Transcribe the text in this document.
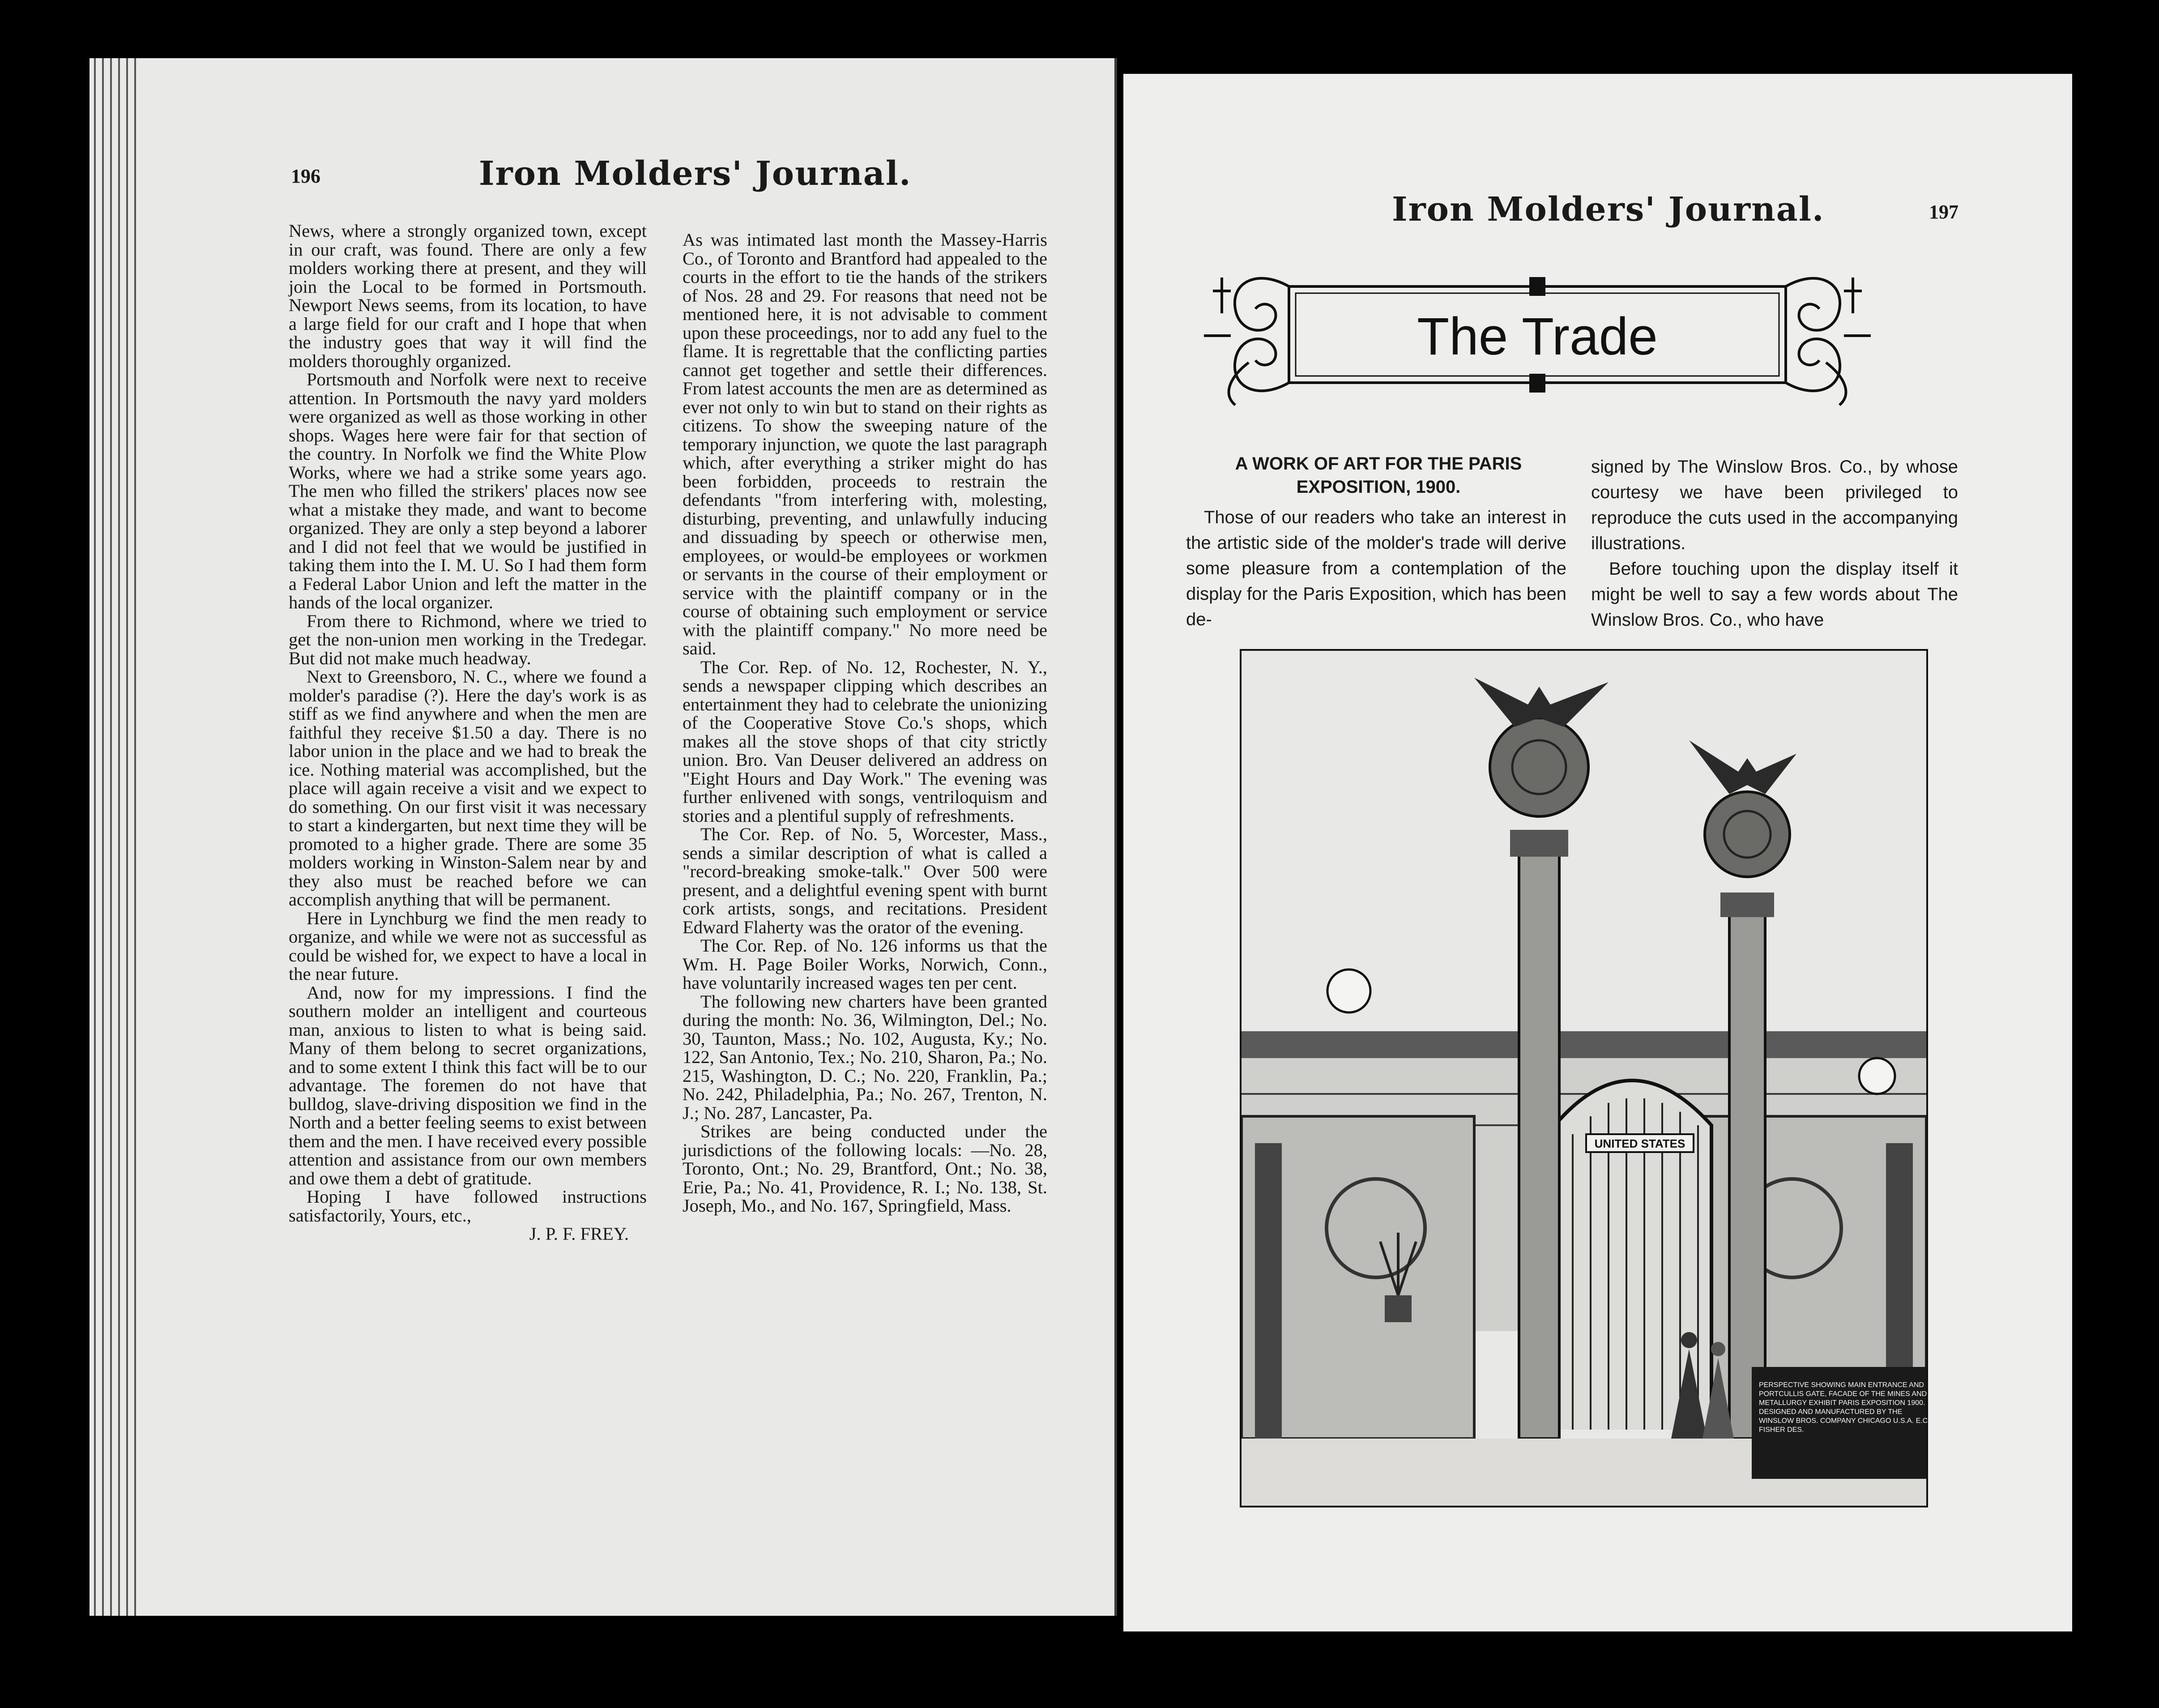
196	Iron Molders' Journal.

News, where a strongly organized town, except in our craft, was found. There are only a few molders working there at present, and they will join the Local to be formed in Portsmouth. Newport News seems, from its location, to have a large field for our craft and I hope that when the industry goes that way it will find the molders thoroughly organized.

Portsmouth and Norfolk were next to receive attention. In Portsmouth the navy yard molders were organized as well as those working in other shops. Wages here were fair for that section of the country. In Norfolk we find the White Plow Works, where we had a strike some years ago. The men who filled the strikers' places now see what a mistake they made, and want to become organized. They are only a step beyond a laborer and I did not feel that we would be justified in taking them into the I. M. U. So I had them form a Federal Labor Union and left the matter in the hands of the local organizer.

From there to Richmond, where we tried to get the non-union men working in the Tredegar. But did not make much headway.

Next to Greensboro, N. C., where we found a molder's paradise (?). Here the day's work is as stiff as we find anywhere and when the men are faithful they receive $1.50 a day. There is no labor union in the place and we had to break the ice. Nothing material was accomplished, but the place will again receive a visit and we expect to do something. On our first visit it was necessary to start a kindergarten, but next time they will be promoted to a higher grade. There are some 35 molders working in Winston-Salem near by and they also must be reached before we can accomplish anything that will be permanent.

Here in Lynchburg we find the men ready to organize, and while we were not as successful as could be wished for, we expect to have a local in the near future.

And, now for my impressions. I find the southern molder an intelligent and courteous man, anxious to listen to what is being said. Many of them belong to secret organizations, and to some extent I think this fact will be to our advantage. The foremen do not have that bulldog, slave-driving disposition we find in the North and a better feeling seems to exist between them and the men. I have received every possible attention and assistance from our own members and owe them a debt of gratitude.

Hoping I have followed instructions satisfactorily, Yours, etc.,

J. P. F. FREY.

As was intimated last month the Massey-Harris Co., of Toronto and Brantford had appealed to the courts in the effort to tie the hands of the strikers of Nos. 28 and 29. For reasons that need not be mentioned here, it is not advisable to comment upon these proceedings, nor to add any fuel to the flame. It is regrettable that the conflicting parties cannot get together and settle their differences. From latest accounts the men are as determined as ever not only to win but to stand on their rights as citizens. To show the sweeping nature of the temporary injunction, we quote the last paragraph which, after everything a striker might do has been forbidden, proceeds to restrain the defendants "from interfering with, molesting, disturbing, preventing, and unlawfully inducing and dissuading by speech or otherwise men, employees, or would-be employees or workmen or servants in the course of their employment or service with the plaintiff company or in the course of obtaining such employment or service with the plaintiff company." No more need be said.

The Cor. Rep. of No. 12, Rochester, N. Y., sends a newspaper clipping which describes an entertainment they had to celebrate the unionizing of the Cooperative Stove Co.'s shops, which makes all the stove shops of that city strictly union. Bro. Van Deuser delivered an address on "Eight Hours and Day Work." The evening was further enlivened with songs, ventriloquism and stories and a plentiful supply of refreshments.

The Cor. Rep. of No. 5, Worcester, Mass., sends a similar description of what is called a "record-breaking smoke-talk." Over 500 were present, and a delightful evening spent with burnt cork artists, songs, and recitations. President Edward Flaherty was the orator of the evening.

The Cor. Rep. of No. 126 informs us that the Wm. H. Page Boiler Works, Norwich, Conn., have voluntarily increased wages ten per cent.

The following new charters have been granted during the month: No. 36, Wilmington, Del.; No. 30, Taunton, Mass.; No. 102, Augusta, Ky.; No. 122, San Antonio, Tex.; No. 210, Sharon, Pa.; No. 215, Washington, D. C.; No. 220, Franklin, Pa.; No. 242, Philadelphia, Pa.; No. 267, Trenton, N. J.; No. 287, Lancaster, Pa.

Strikes are being conducted under the jurisdictions of the following locals: —No. 28, Toronto, Ont.; No. 29, Brantford, Ont.; No. 38, Erie, Pa.; No. 41, Providence, R. I.; No. 138, St. Joseph, Mo., and No. 167, Springfield, Mass.

Iron Molders' Journal.	197
The Trade
A WORK OF ART FOR THE PARIS EXPOSITION, 1900.

Those of our readers who take an interest in the artistic side of the molder's trade will derive some pleasure from a contemplation of the display for the Paris Exposition, which has been de-

signed by The Winslow Bros. Co., by whose courtesy we have been privileged to reproduce the cuts used in the accompanying illustrations.

Before touching upon the display itself it might be well to say a few words about The Winslow Bros. Co., who have

UNITED STATES
PERSPECTIVE SHOWING MAIN ENTRANCE AND PORTCULLIS GATE, FACADE OF THE MINES AND METALLURGY EXHIBIT PARIS EXPOSITION 1900. DESIGNED AND MANUFACTURED BY THE WINSLOW BROS. COMPANY CHICAGO U.S.A. E.C. FISHER DES.
